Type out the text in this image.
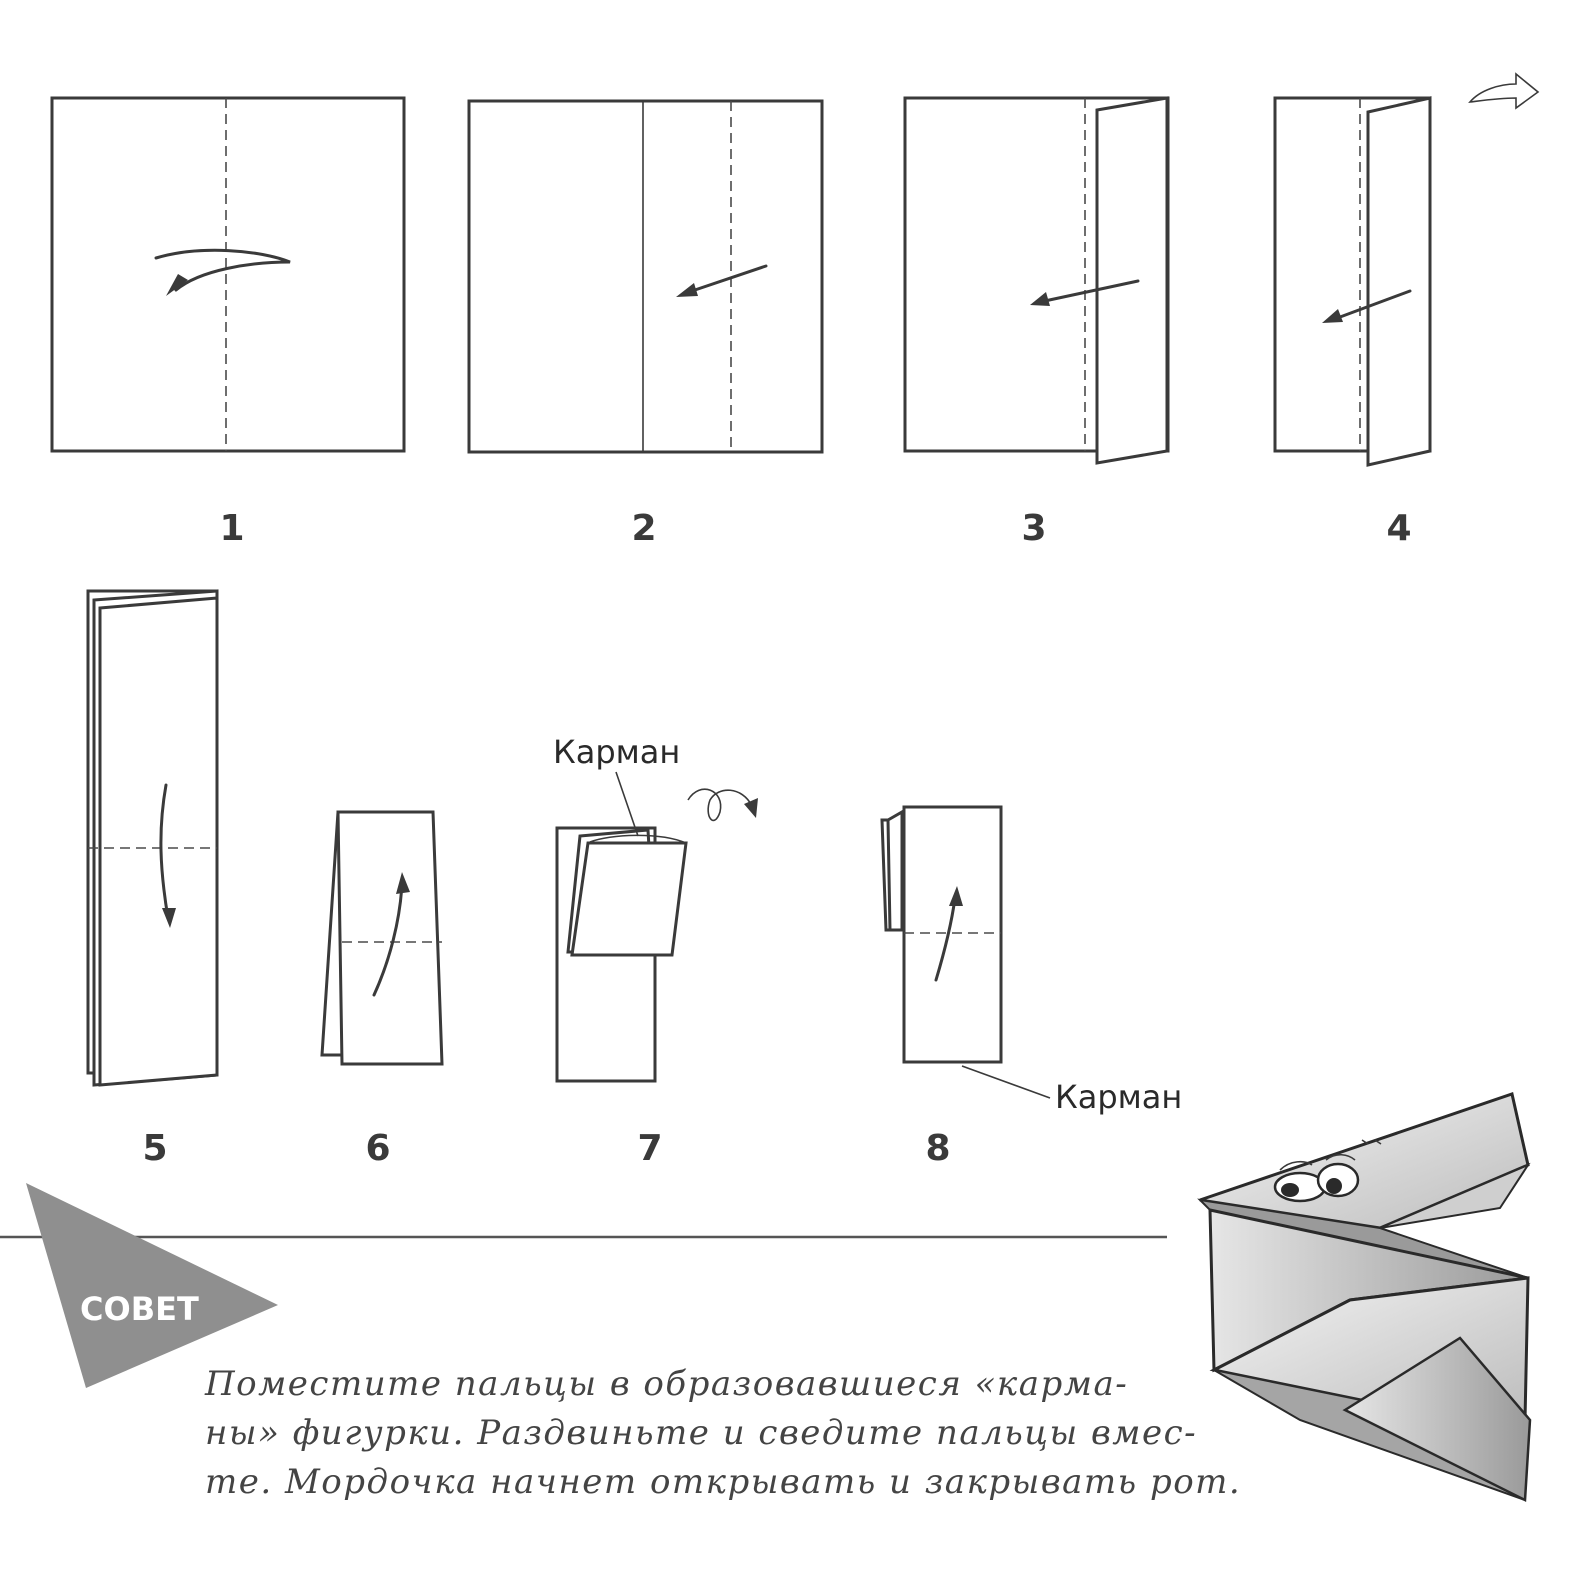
Карман
Карман
1	2	3	4
5	6	7	8
СОВЕТ
Поместите пальцы в образовавшиеся «карма-
ны» фигурки. Раздвиньте и сведите пальцы вмес-
те. Мордочка начнет открывать и закрывать рот.
